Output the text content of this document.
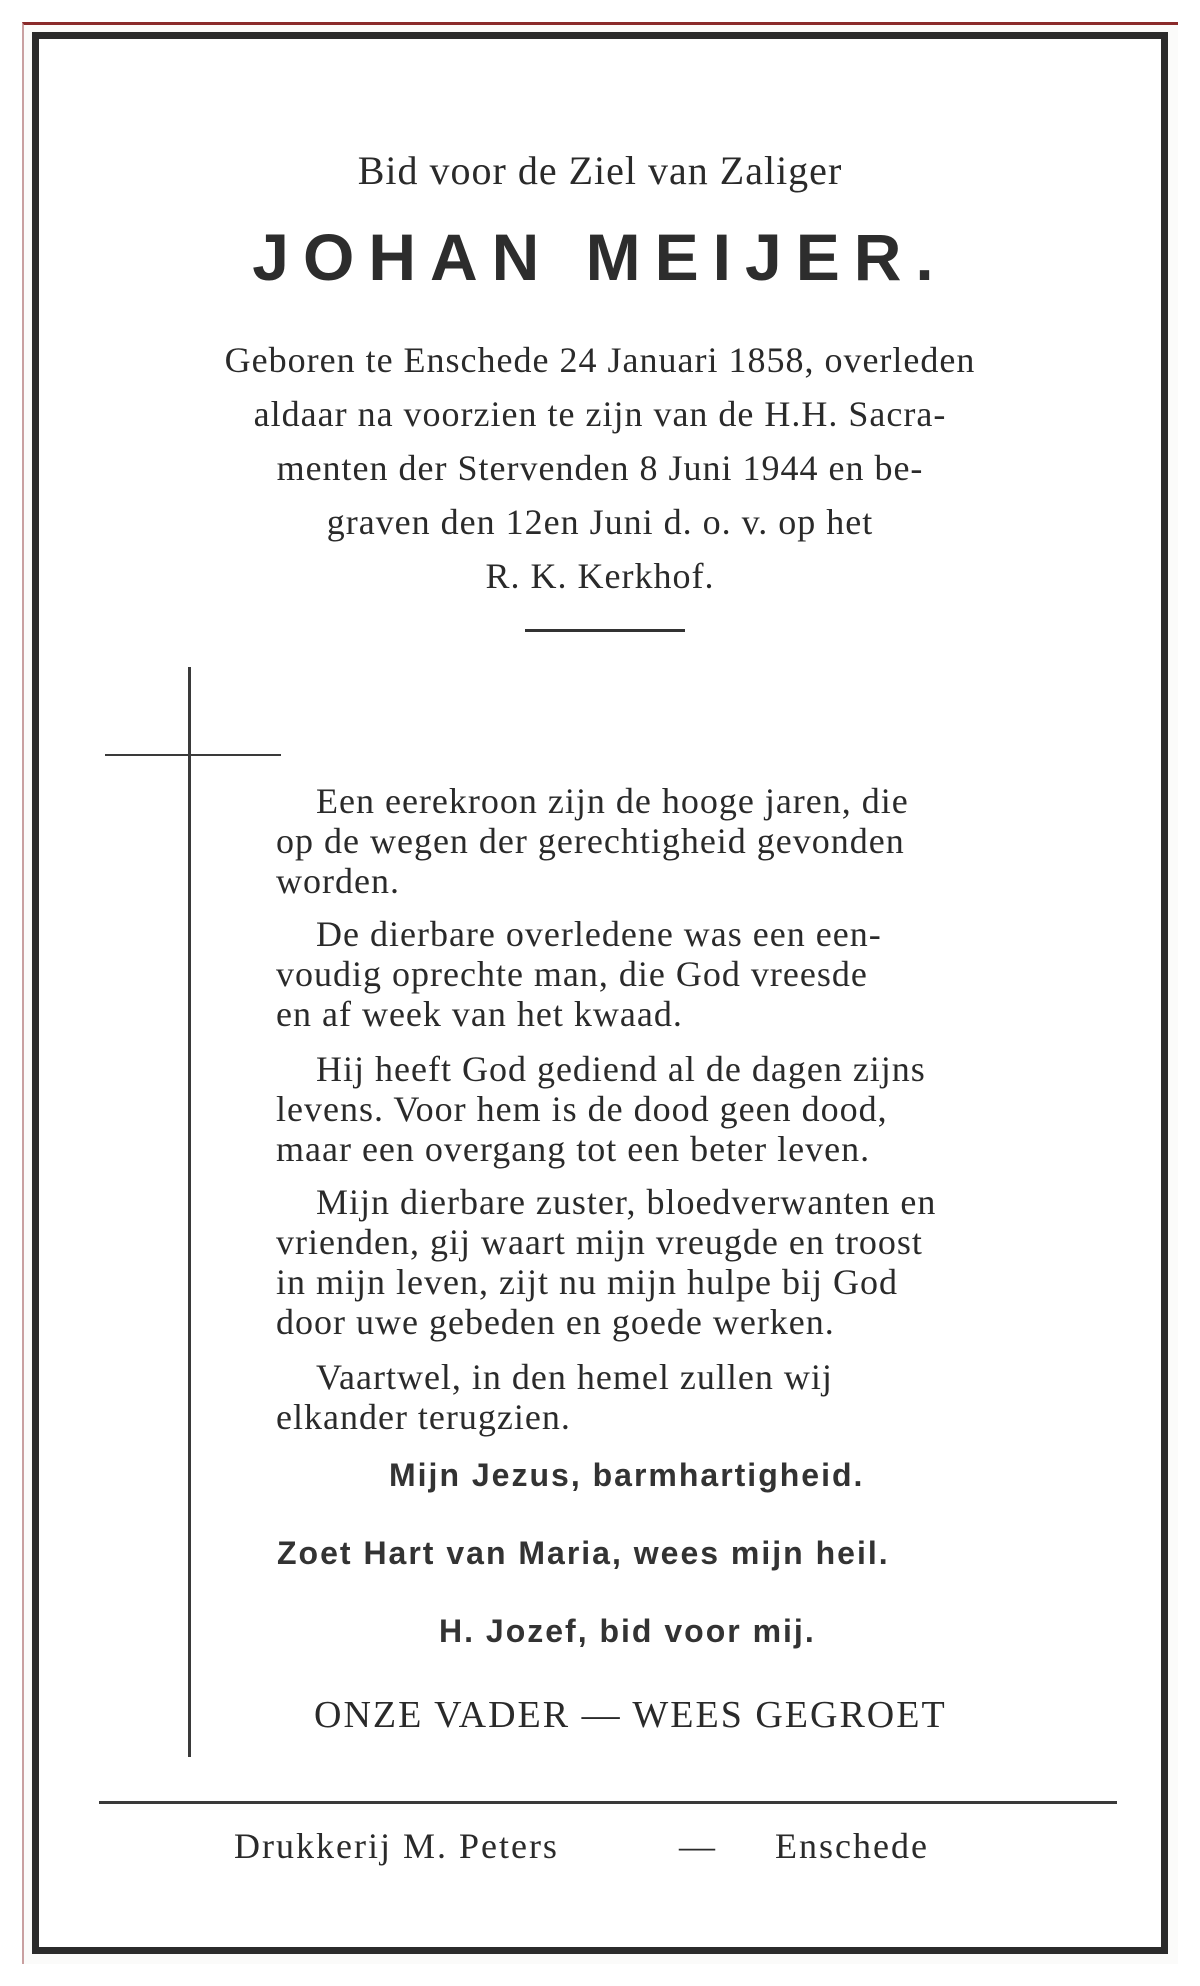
Bid voor de Ziel van Zaliger
JOHAN MEIJER.
Geboren te Enschede 24 Januari 1858, overleden
aldaar na voorzien te zijn van de H.H. Sacra-
menten der Stervenden 8 Juni 1944 en be-
graven den 12en Juni d. o. v. op het
R. K. Kerkhof.
Een eerekroon zijn de hooge jaren, die
op de wegen der gerechtigheid gevonden
worden.
De dierbare overledene was een een-
voudig oprechte man, die God vreesde
en af week van het kwaad.
Hij heeft God gediend al de dagen zijns
levens. Voor hem is de dood geen dood,
maar een overgang tot een beter leven.
Mijn dierbare zuster, bloedverwanten en
vrienden, gij waart mijn vreugde en troost
in mijn leven, zijt nu mijn hulpe bij God
door uwe gebeden en goede werken.
Vaartwel, in den hemel zullen wij
elkander terugzien.
Mijn Jezus, barmhartigheid.
Zoet Hart van Maria, wees mijn heil.
H. Jozef, bid voor mij.
ONZE VADER — WEES GEGROET
Drukkerij M. Peters	— Enschede
